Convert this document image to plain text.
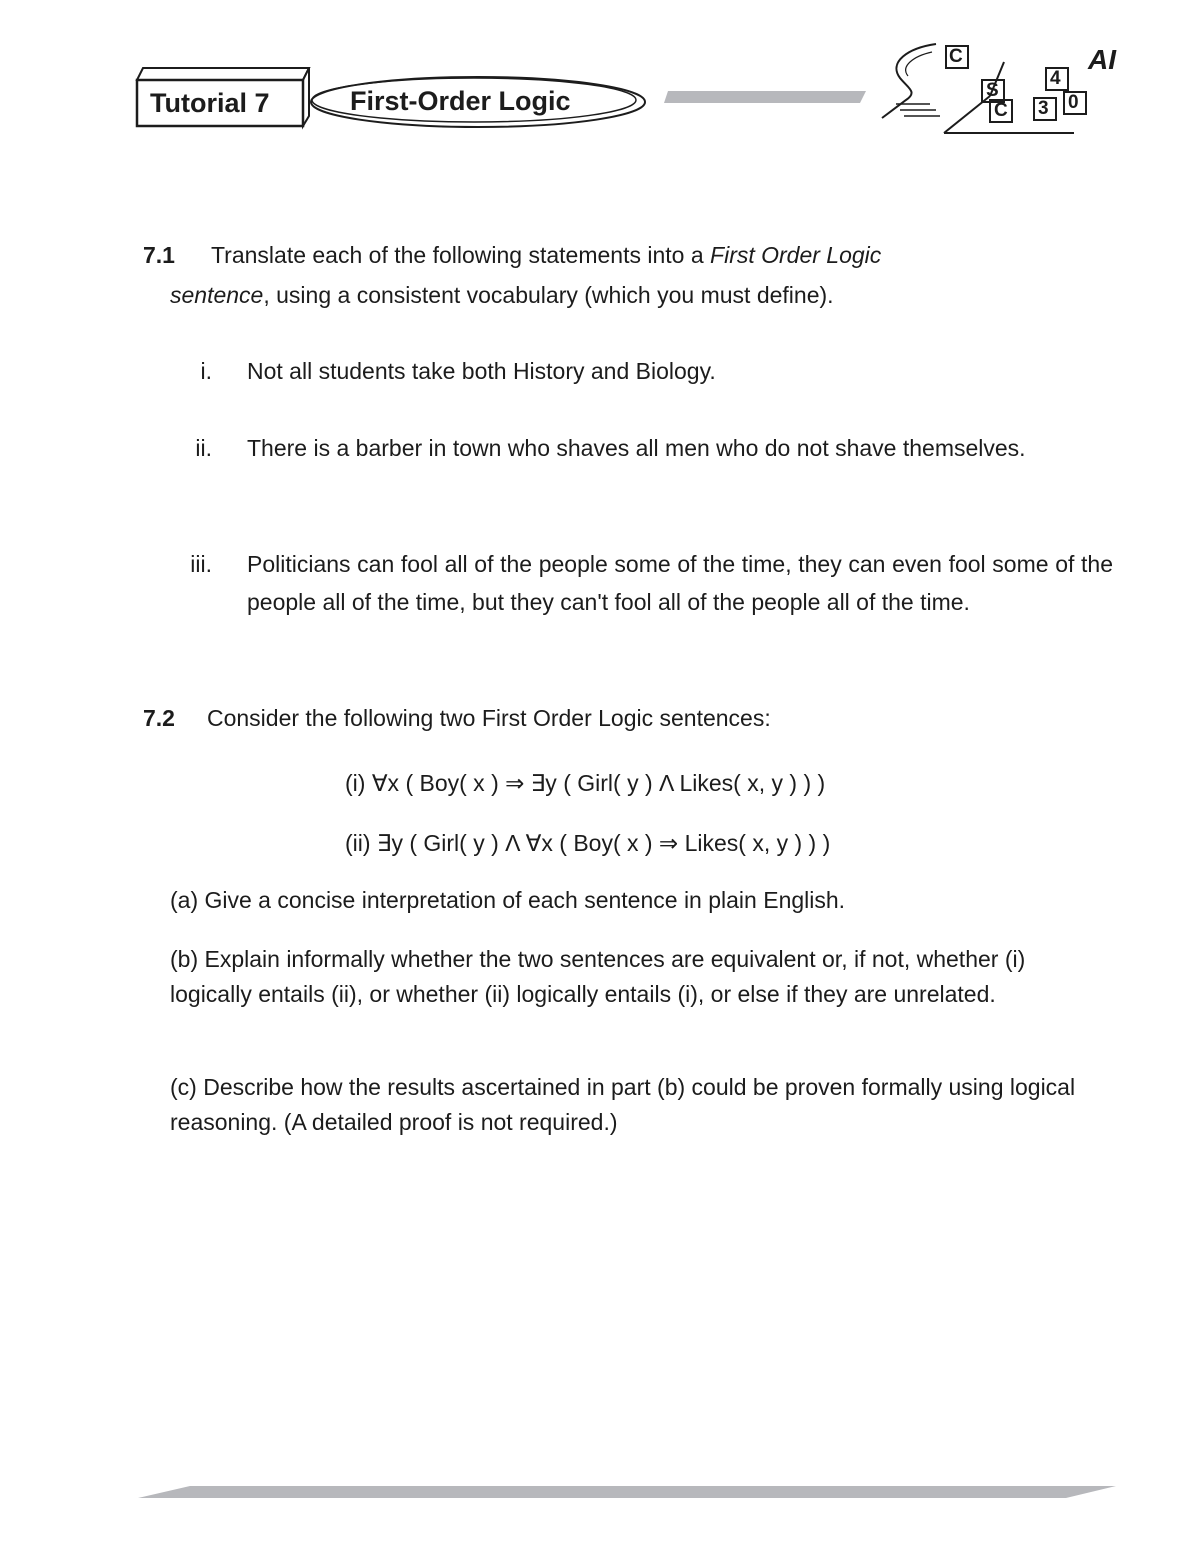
Tutorial 7	First-Order Logic
C
S
C 3
4
0
AI
7.1 Translate each of the following statements into a First Order Logic
sentence, using a consistent vocabulary (which you must define).
i. Not all students take both History and Biology.
ii. There is a barber in town who shaves all men who do not shave themselves.
iii. Politicians can fool all of the people some of the time, they can even fool some of the people all of the time, but they can't fool all of the people all of the time.
7.2 Consider the following two First Order Logic sentences:
(i) ∀x ( Boy( x ) ⇒ ∃y ( Girl( y ) Λ Likes( x, y ) ) )
(ii) ∃y ( Girl( y ) Λ ∀x ( Boy( x ) ⇒ Likes( x, y ) ) )
(a) Give a concise interpretation of each sentence in plain English.
(b) Explain informally whether the two sentences are equivalent or, if not, whether (i) logically entails (ii), or whether (ii) logically entails (i), or else if they are unrelated.
(c) Describe how the results ascertained in part (b) could be proven formally using logical reasoning. (A detailed proof is not required.)
